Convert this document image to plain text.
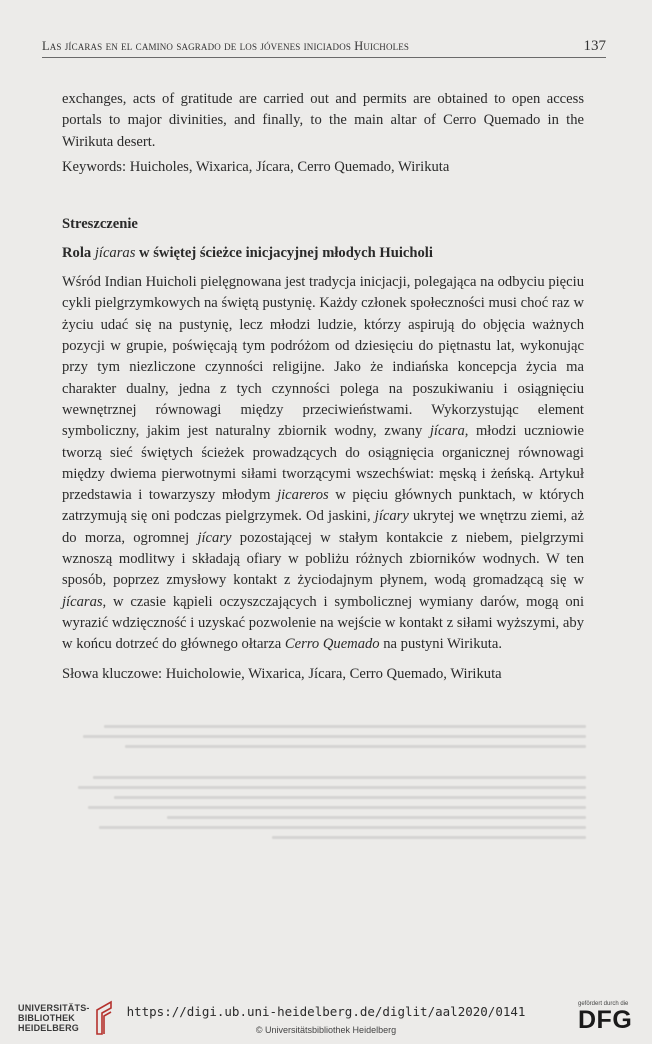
Las jícaras en el camino sagrado de los jóvenes iniciados Huicholes	137

exchanges, acts of gratitude are carried out and permits are obtained to open access portals to major divinities, and finally, to the main altar of Cerro Quemado in the Wirikuta desert.

Keywords: Huicholes, Wixarica, Jícara, Cerro Quemado, Wirikuta

Streszczenie
Rola jícaras w świętej ścieżce inicjacyjnej młodych Huicholi

Wśród Indian Huicholi pielęgnowana jest tradycja inicjacji, polegająca na odbyciu pięciu cykli pielgrzymkowych na świętą pustynię. Każdy członek społeczności musi choć raz w życiu udać się na pustynię, lecz młodzi ludzie, którzy aspirują do objęcia ważnych pozycji w grupie, poświęcają tym podróżom od dziesięciu do piętnastu lat, wykonując przy tym niezliczone czynności religijne. Jako że indiańska koncepcja życia ma charakter dualny, jedna z tych czynności polega na poszukiwaniu i osiągnięciu wewnętrznej równowagi między przeciwieństwami. Wykorzystując element symboliczny, jakim jest naturalny zbiornik wodny, zwany jícara, młodzi uczniowie tworzą sieć świętych ścieżek prowadzących do osiągnięcia organicznej równowagi między dwiema pierwotnymi siłami tworzącymi wszechświat: męską i żeńską. Artykuł przedstawia i towarzyszy młodym jicareros w pięciu głównych punktach, w których zatrzymują się oni podczas pielgrzymek. Od jaskini, jícary ukrytej we wnętrzu ziemi, aż do morza, ogromnej jícary pozostającej w stałym kontakcie z niebem, pielgrzymi wznoszą modlitwy i składają ofiary w pobliżu różnych zbiorników wodnych. W ten sposób, poprzez zmysłowy kontakt z życiodajnym płynem, wodą gromadzącą się w jícaras, w czasie kąpieli oczyszczających i symbolicznej wymiany darów, mogą oni wyrazić wdzięczność i uzyskać pozwolenie na wejście w kontakt z siłami wyższymi, aby w końcu dotrzeć do głównego ołtarza Cerro Quemado na pustyni Wirikuta.

Słowa kluczowe: Huicholowie, Wixarica, Jícara, Cerro Quemado, Wirikuta

UNIVERSITÄTS-
BIBLIOTHEK
HEIDELBERG
https://digi.ub.uni-heidelberg.de/diglit/aal2020/0141
© Universitätsbibliothek Heidelberg
gefördert durch die
DFG
